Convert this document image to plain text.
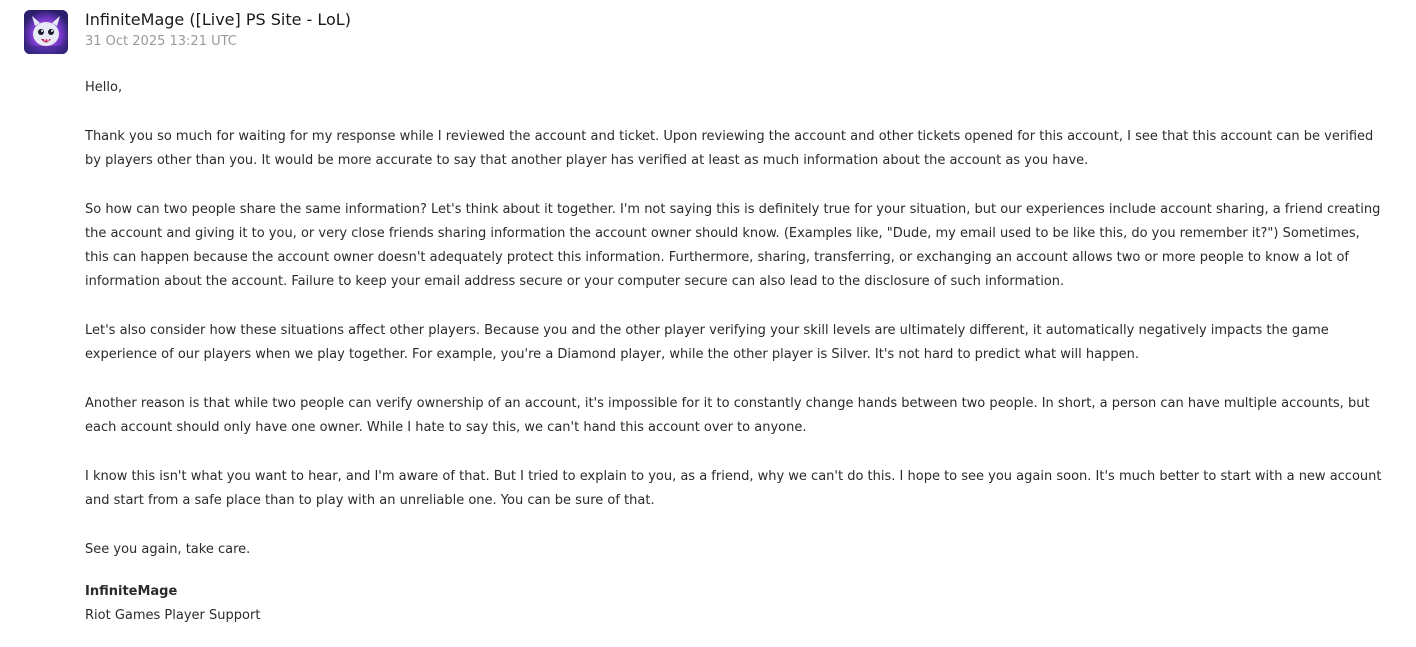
InfiniteMage ([Live] PS Site - LoL)
31 Oct 2025 13:21 UTC

Hello,

Thank you so much for waiting for my response while I reviewed the account and ticket. Upon reviewing the account and other tickets opened for this account, I see that this account can be verified by players other than you. It would be more accurate to say that another player has verified at least as much information about the account as you have.

So how can two people share the same information? Let's think about it together. I'm not saying this is definitely true for your situation, but our experiences include account sharing, a friend creating the account and giving it to you, or very close friends sharing information the account owner should know. (Examples like, "Dude, my email used to be like this, do you remember it?") Sometimes, this can happen because the account owner doesn't adequately protect this information. Furthermore, sharing, transferring, or exchanging an account allows two or more people to know a lot of information about the account. Failure to keep your email address secure or your computer secure can also lead to the disclosure of such information.

Let's also consider how these situations affect other players. Because you and the other player verifying your skill levels are ultimately different, it automatically negatively impacts the game experience of our players when we play together. For example, you're a Diamond player, while the other player is Silver. It's not hard to predict what will happen.

Another reason is that while two people can verify ownership of an account, it's impossible for it to constantly change hands between two people. In short, a person can have multiple accounts, but each account should only have one owner. While I hate to say this, we can't hand this account over to anyone.

I know this isn't what you want to hear, and I'm aware of that. But I tried to explain to you, as a friend, why we can't do this. I hope to see you again soon. It's much better to start with a new account and start from a safe place than to play with an unreliable one. You can be sure of that.

See you again, take care.

InfiniteMage
Riot Games Player Support
